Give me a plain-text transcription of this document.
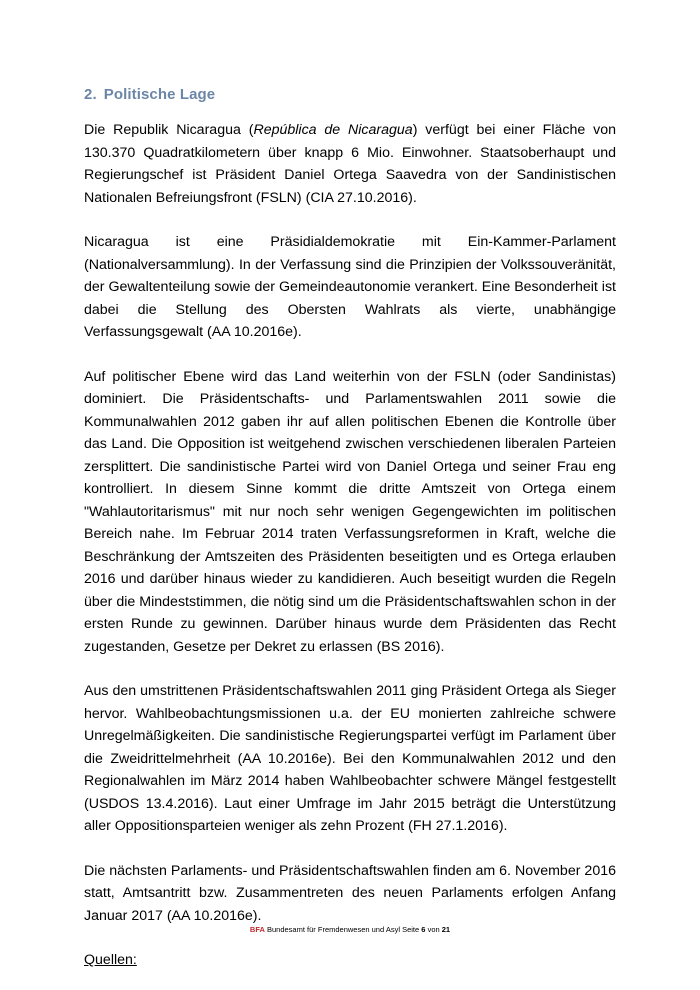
2. Politische Lage

Die Republik Nicaragua (República de Nicaragua) verfügt bei einer Fläche von 130.370 Quadratkilometern über knapp 6 Mio. Einwohner. Staatsoberhaupt und Regierungschef ist Präsident Daniel Ortega Saavedra von der Sandinistischen Nationalen Befreiungsfront (FSLN) (CIA 27.10.2016).

Nicaragua ist eine Präsidialdemokratie mit Ein-Kammer-Parlament (Nationalversammlung). In der Verfassung sind die Prinzipien der Volkssouveränität, der Gewaltenteilung sowie der Gemeindeautonomie verankert. Eine Besonderheit ist dabei die Stellung des Obersten Wahlrats als vierte, unabhängige Verfassungsgewalt (AA 10.2016e).

Auf politischer Ebene wird das Land weiterhin von der FSLN (oder Sandinistas) dominiert. Die Präsidentschafts- und Parlamentswahlen 2011 sowie die Kommunalwahlen 2012 gaben ihr auf allen politischen Ebenen die Kontrolle über das Land. Die Opposition ist weitgehend zwischen verschiedenen liberalen Parteien zersplittert. Die sandinistische Partei wird von Daniel Ortega und seiner Frau eng kontrolliert. In diesem Sinne kommt die dritte Amtszeit von Ortega einem "Wahlautoritarismus" mit nur noch sehr wenigen Gegengewichten im politischen Bereich nahe. Im Februar 2014 traten Verfassungsreformen in Kraft, welche die Beschränkung der Amtszeiten des Präsidenten beseitigten und es Ortega erlauben 2016 und darüber hinaus wieder zu kandidieren. Auch beseitigt wurden die Regeln über die Mindeststimmen, die nötig sind um die Präsidentschaftswahlen schon in der ersten Runde zu gewinnen. Darüber hinaus wurde dem Präsidenten das Recht zugestanden, Gesetze per Dekret zu erlassen (BS 2016).

Aus den umstrittenen Präsidentschaftswahlen 2011 ging Präsident Ortega als Sieger hervor. Wahlbeobachtungsmissionen u.a. der EU monierten zahlreiche schwere Unregelmäßigkeiten. Die sandinistische Regierungspartei verfügt im Parlament über die Zweidrittelmehrheit (AA 10.2016e). Bei den Kommunalwahlen 2012 und den Regionalwahlen im März 2014 haben Wahlbeobachter schwere Mängel festgestellt (USDOS 13.4.2016). Laut einer Umfrage im Jahr 2015 beträgt die Unterstützung aller Oppositionsparteien weniger als zehn Prozent (FH 27.1.2016).

Die nächsten Parlaments- und Präsidentschaftswahlen finden am 6. November 2016 statt, Amtsantritt bzw. Zusammentreten des neuen Parlaments erfolgen Anfang Januar 2017 (AA 10.2016e).

Quellen:

BFA Bundesamt für Fremdenwesen und Asyl Seite 6 von 21
